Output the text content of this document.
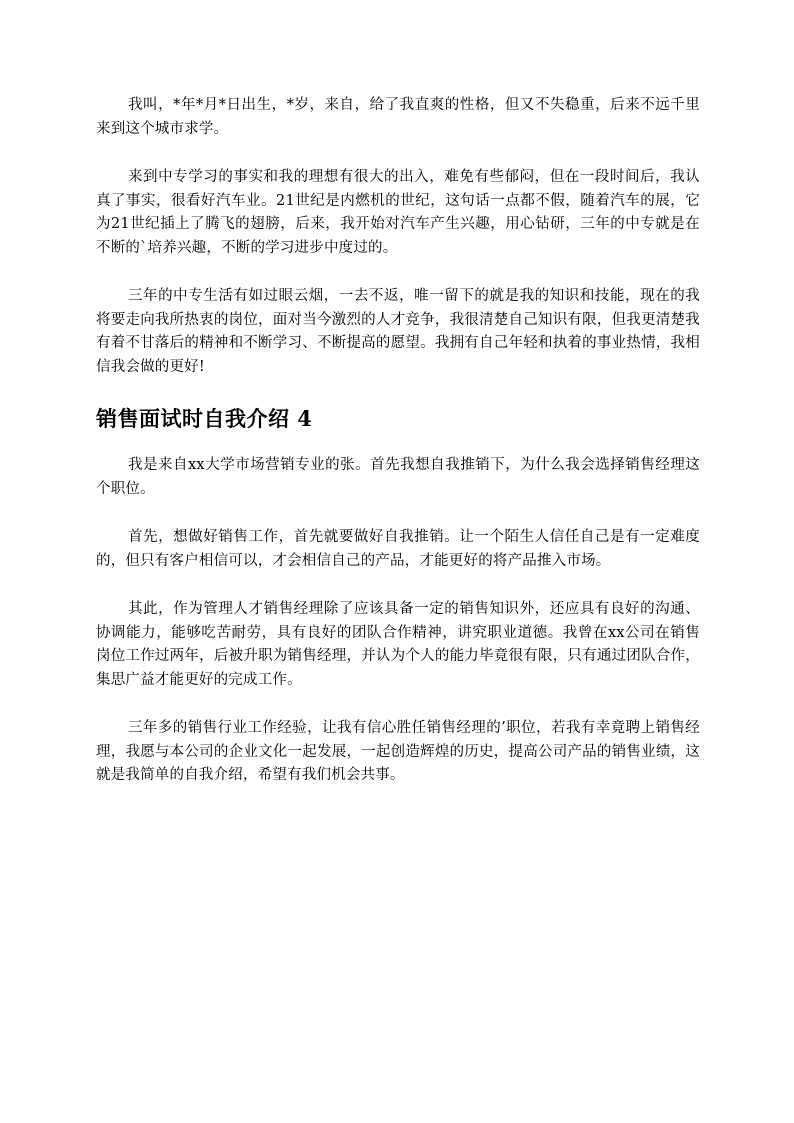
我叫，*年*月*日出生，*岁，来自，给了我直爽的性格，但又不失稳重，后来不远千里来到这个城市求学。

来到中专学习的事实和我的理想有很大的出入，难免有些郁闷，但在一段时间后，我认真了事实，很看好汽车业。21世纪是内燃机的世纪，这句话一点都不假，随着汽车的展，它为21世纪插上了腾飞的翅膀，后来，我开始对汽车产生兴趣，用心钻研，三年的中专就是在不断的`培养兴趣，不断的学习进步中度过的。

三年的中专生活有如过眼云烟，一去不返，唯一留下的就是我的知识和技能，现在的我将要走向我所热衷的岗位，面对当今激烈的人才竞争，我很清楚自己知识有限，但我更清楚我有着不甘落后的精神和不断学习、不断提高的愿望。我拥有自己年轻和执着的事业热情，我相信我会做的更好!

销售面试时自我介绍 4

我是来自xx大学市场营销专业的张。首先我想自我推销下，为什么我会选择销售经理这个职位。

首先，想做好销售工作，首先就要做好自我推销。让一个陌生人信任自己是有一定难度的，但只有客户相信可以，才会相信自己的产品，才能更好的将产品推入市场。

其此，作为管理人才销售经理除了应该具备一定的销售知识外，还应具有良好的沟通、协调能力，能够吃苦耐劳，具有良好的团队合作精神，讲究职业道德。我曾在xx公司在销售岗位工作过两年，后被升职为销售经理，并认为个人的能力毕竟很有限，只有通过团队合作，集思广益才能更好的完成工作。

三年多的销售行业工作经验，让我有信心胜任销售经理的’职位，若我有幸竟聘上销售经理，我愿与本公司的企业文化一起发展，一起创造辉煌的历史，提高公司产品的销售业绩，这就是我简单的自我介绍，希望有我们机会共事。
